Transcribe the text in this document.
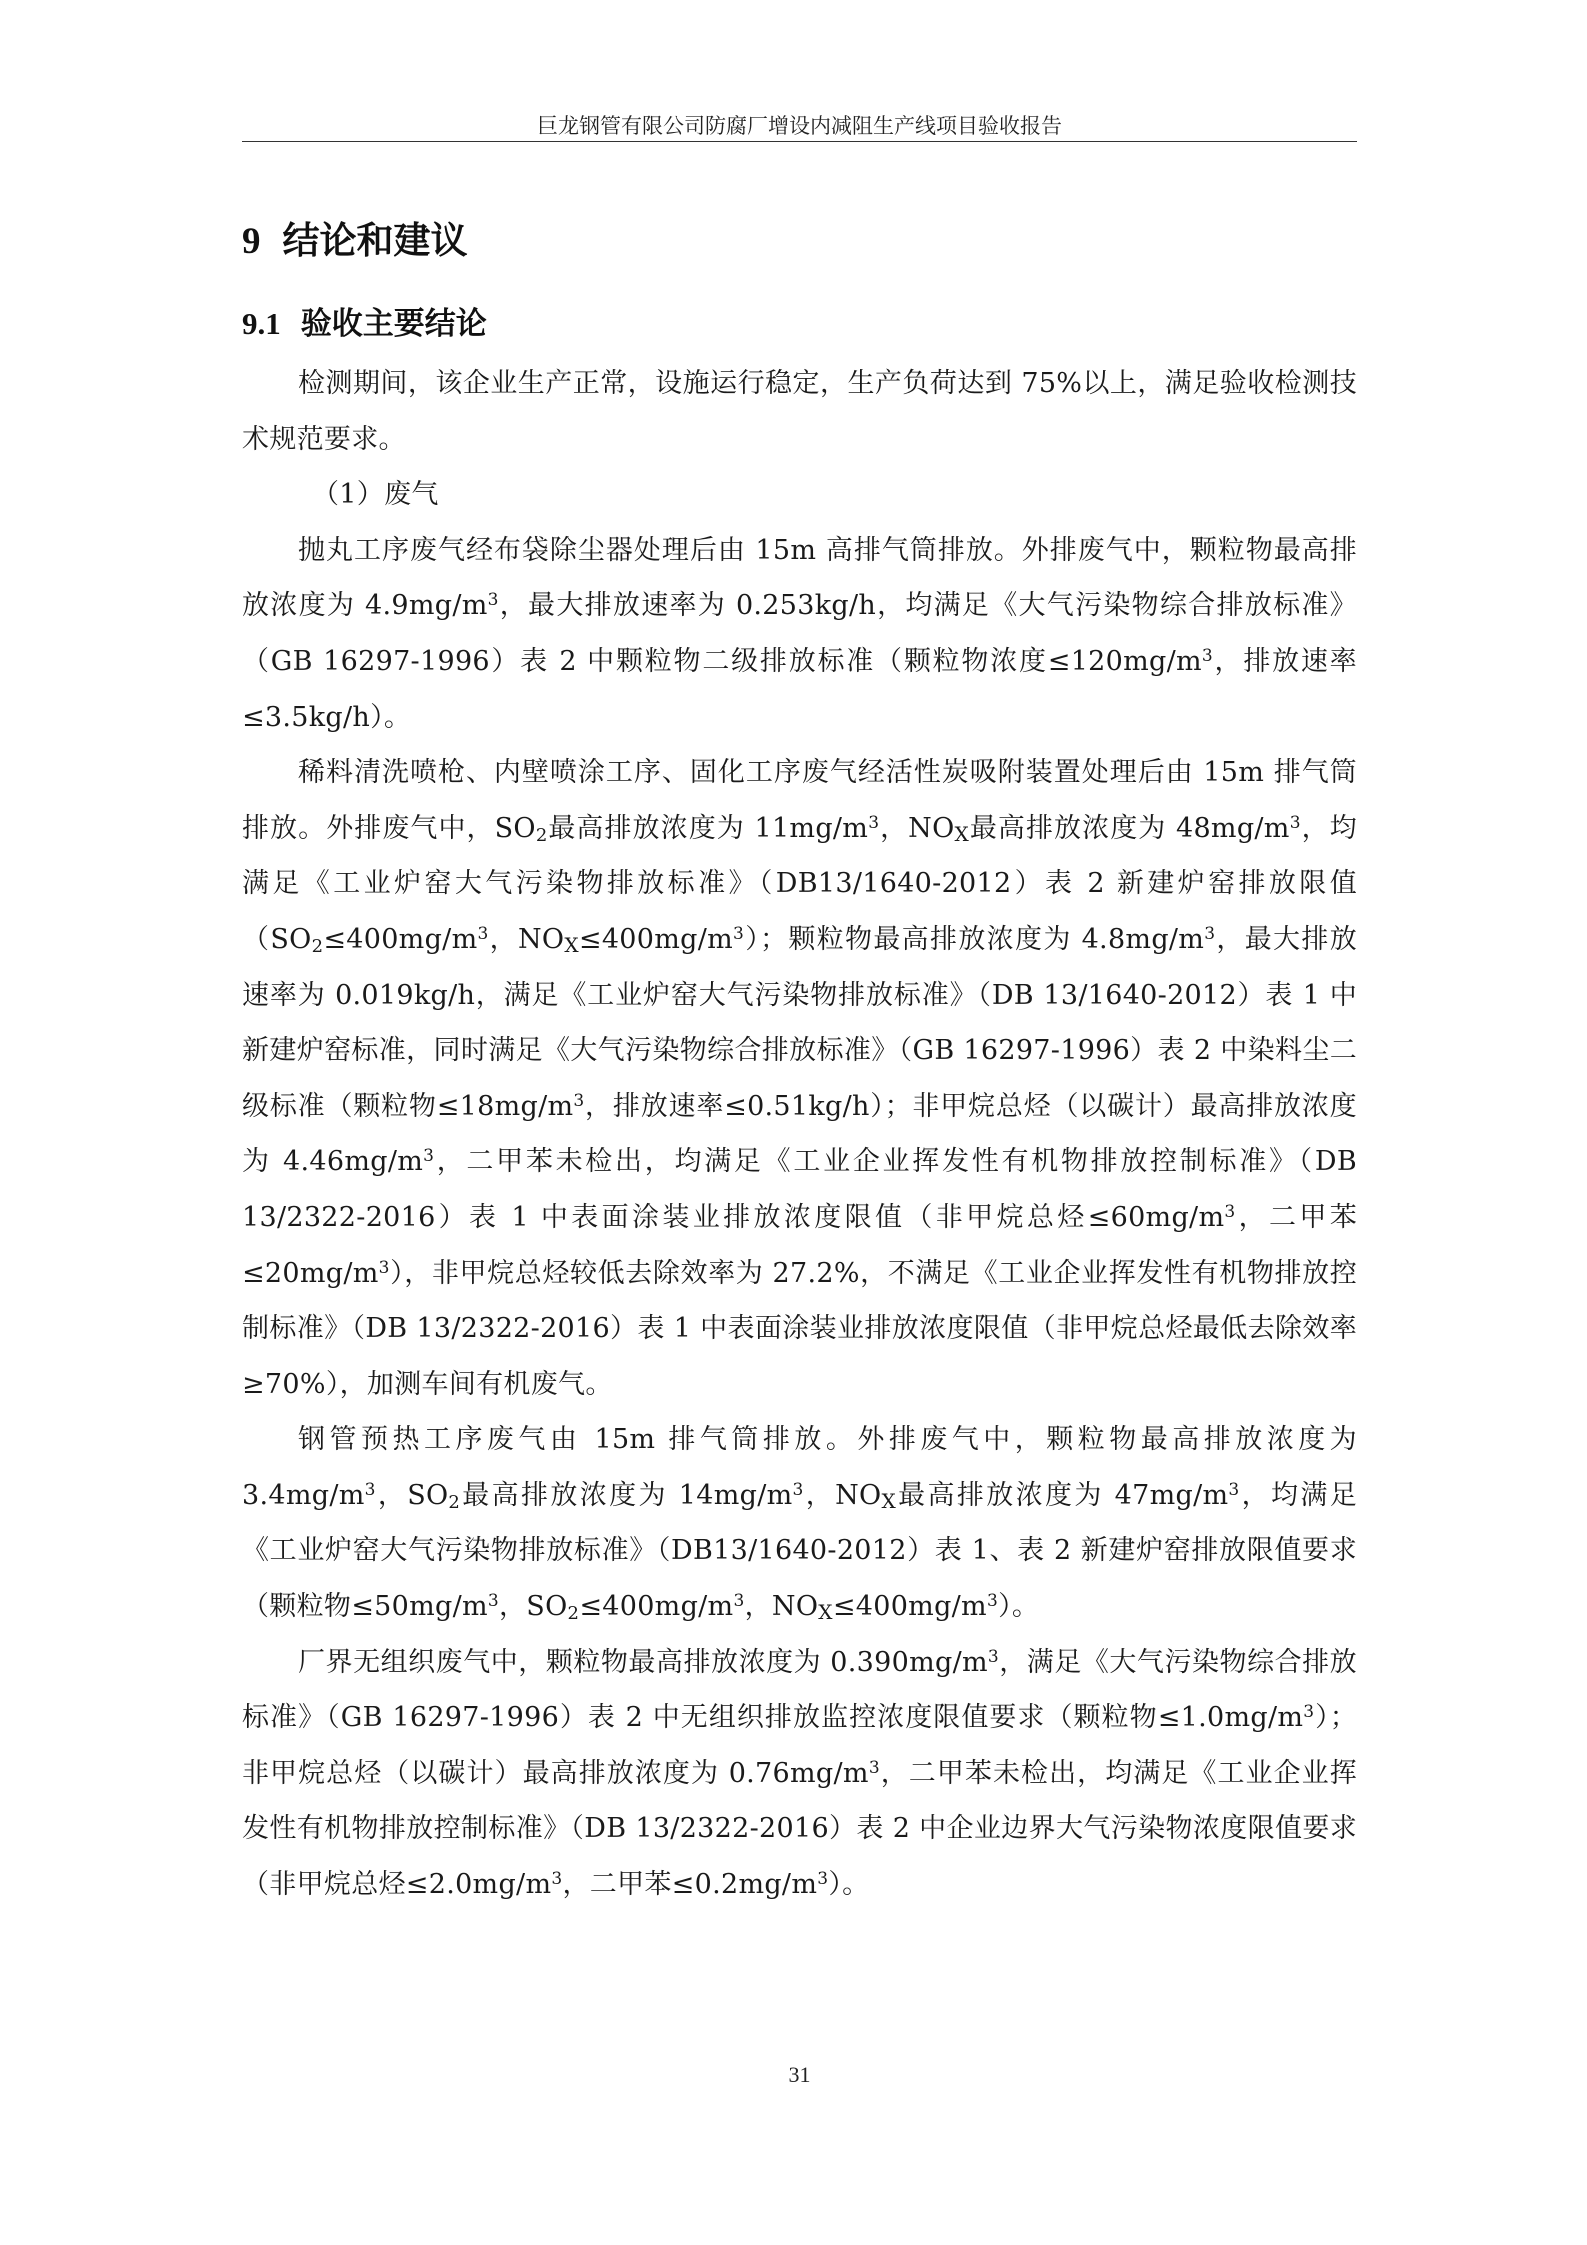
巨龙钢管有限公司防腐厂增设内减阻生产线项目验收报告
9 结论和建议
9.1 验收主要结论

检测期间，该企业生产正常，设施运行稳定，生产负荷达到 75%以上，满足验收检测技术规范要求。

（1）废气

抛丸工序废气经布袋除尘器处理后由 15m 高排气筒排放。外排废气中，颗粒物最高排放浓度为 $4.9mg/m^3$，最大排放速率为 0.253kg/h，均满足《大气污染物综合排放标准》（GB 16297-1996）表 2 中颗粒物二级排放标准（颗粒物浓度$\le 120mg/m^3$，排放速率≤3.5kg/h）。

稀料清洗喷枪、内壁喷涂工序、固化工序废气经活性炭吸附装置处理后由 15m 排气筒排放。外排废气中，$SO_2$最高排放浓度为 $11mg/m^3$，$NO_X$最高排放浓度为 $48mg/m^3$，均满足《工业炉窑大气污染物排放标准》（DB13/1640-2012）表 2 新建炉窑排放限值（$SO_2\le 400mg/m^3$，$NO_X\le 400mg/m^3$）；颗粒物最高排放浓度为 $4.8mg/m^3$，最大排放速率为 0.019kg/h，满足《工业炉窑大气污染物排放标准》（DB 13/1640-2012）表 1 中新建炉窑标准，同时满足《大气污染物综合排放标准》（GB 16297-1996）表 2 中染料尘二级标准（颗粒物$\le 18mg/m^3$，排放速率≤0.51kg/h）；非甲烷总烃（以碳计）最高排放浓度为 $4.46mg/m^3$，二甲苯未检出，均满足《工业企业挥发性有机物排放控制标准》（DB 13/2322-2016）表 1 中表面涂装业排放浓度限值（非甲烷总烃$\le 60mg/m^3$，二甲苯$\le 20mg/m^3$），非甲烷总烃较低去除效率为 27.2%，不满足《工业企业挥发性有机物排放控制标准》（DB 13/2322-2016）表 1 中表面涂装业排放浓度限值（非甲烷总烃最低去除效率≥70%），加测车间有机废气。

钢管预热工序废气由 15m 排气筒排放。外排废气中，颗粒物最高排放浓度为 $3.4mg/m^3$，$SO_2$最高排放浓度为 $14mg/m^3$，$NO_X$最高排放浓度为 $47mg/m^3$，均满足《工业炉窑大气污染物排放标准》（DB13/1640-2012）表 1、表 2 新建炉窑排放限值要求（颗粒物$\le 50mg/m^3$，$SO_2\le 400mg/m^3$，$NO_X\le 400mg/m^3$）。

厂界无组织废气中，颗粒物最高排放浓度为 $0.390mg/m^3$，满足《大气污染物综合排放标准》（GB 16297-1996）表 2 中无组织排放监控浓度限值要求（颗粒物$\le 1.0mg/m^3$）；非甲烷总烃（以碳计）最高排放浓度为 $0.76mg/m^3$，二甲苯未检出，均满足《工业企业挥发性有机物排放控制标准》（DB 13/2322-2016）表 2 中企业边界大气污染物浓度限值要求（非甲烷总烃$\le 2.0mg/m^3$，二甲苯$\le 0.2mg/m^3$）。

31
